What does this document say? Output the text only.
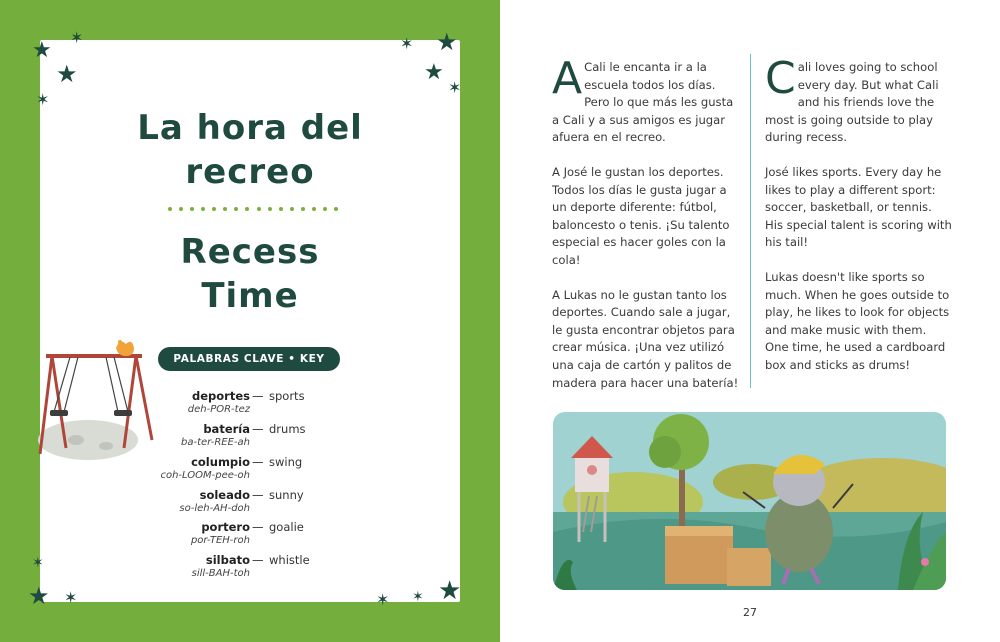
★
✶
★
✶
✶ ★
★
✶
✶
★ ✶	✶ ✶ ★
La hora del
recreo
Recess
Time
PALABRAS CLAVE • KEY WORDS
deportes
deh-POR-tez
— sports
batería
ba-ter-REE-ah
— drums
columpio
coh-LOOM-pee-oh
— swing
soleado
so-leh-AH-doh
— sunny
portero
por-TEH-roh
— goalie
silbato
sill-BAH-toh
— whistle

A Cali le encanta ir a la escuela todos los días. Pero lo que más les gusta a Cali y a sus amigos es jugar afuera en el recreo.

A José le gustan los deportes. Todos los días le gusta jugar a un deporte diferente: fútbol, baloncesto o tenis. ¡Su talento especial es hacer goles con la cola!

A Lukas no le gustan tanto los deportes. Cuando sale a jugar, le gusta encontrar objetos para crear música. ¡Una vez utilizó una caja de cartón y palitos de madera para hacer una batería!

Cali loves going to school every day. But what Cali and his friends love the most is going outside to play during recess.

José likes sports. Every day he likes to play a different sport: soccer, basketball, or tennis. His special talent is scoring with his tail!

Lukas doesn't like sports so much. When he goes outside to play, he likes to look for objects and make music with them. One time, he used a cardboard box and sticks as drums!

27
